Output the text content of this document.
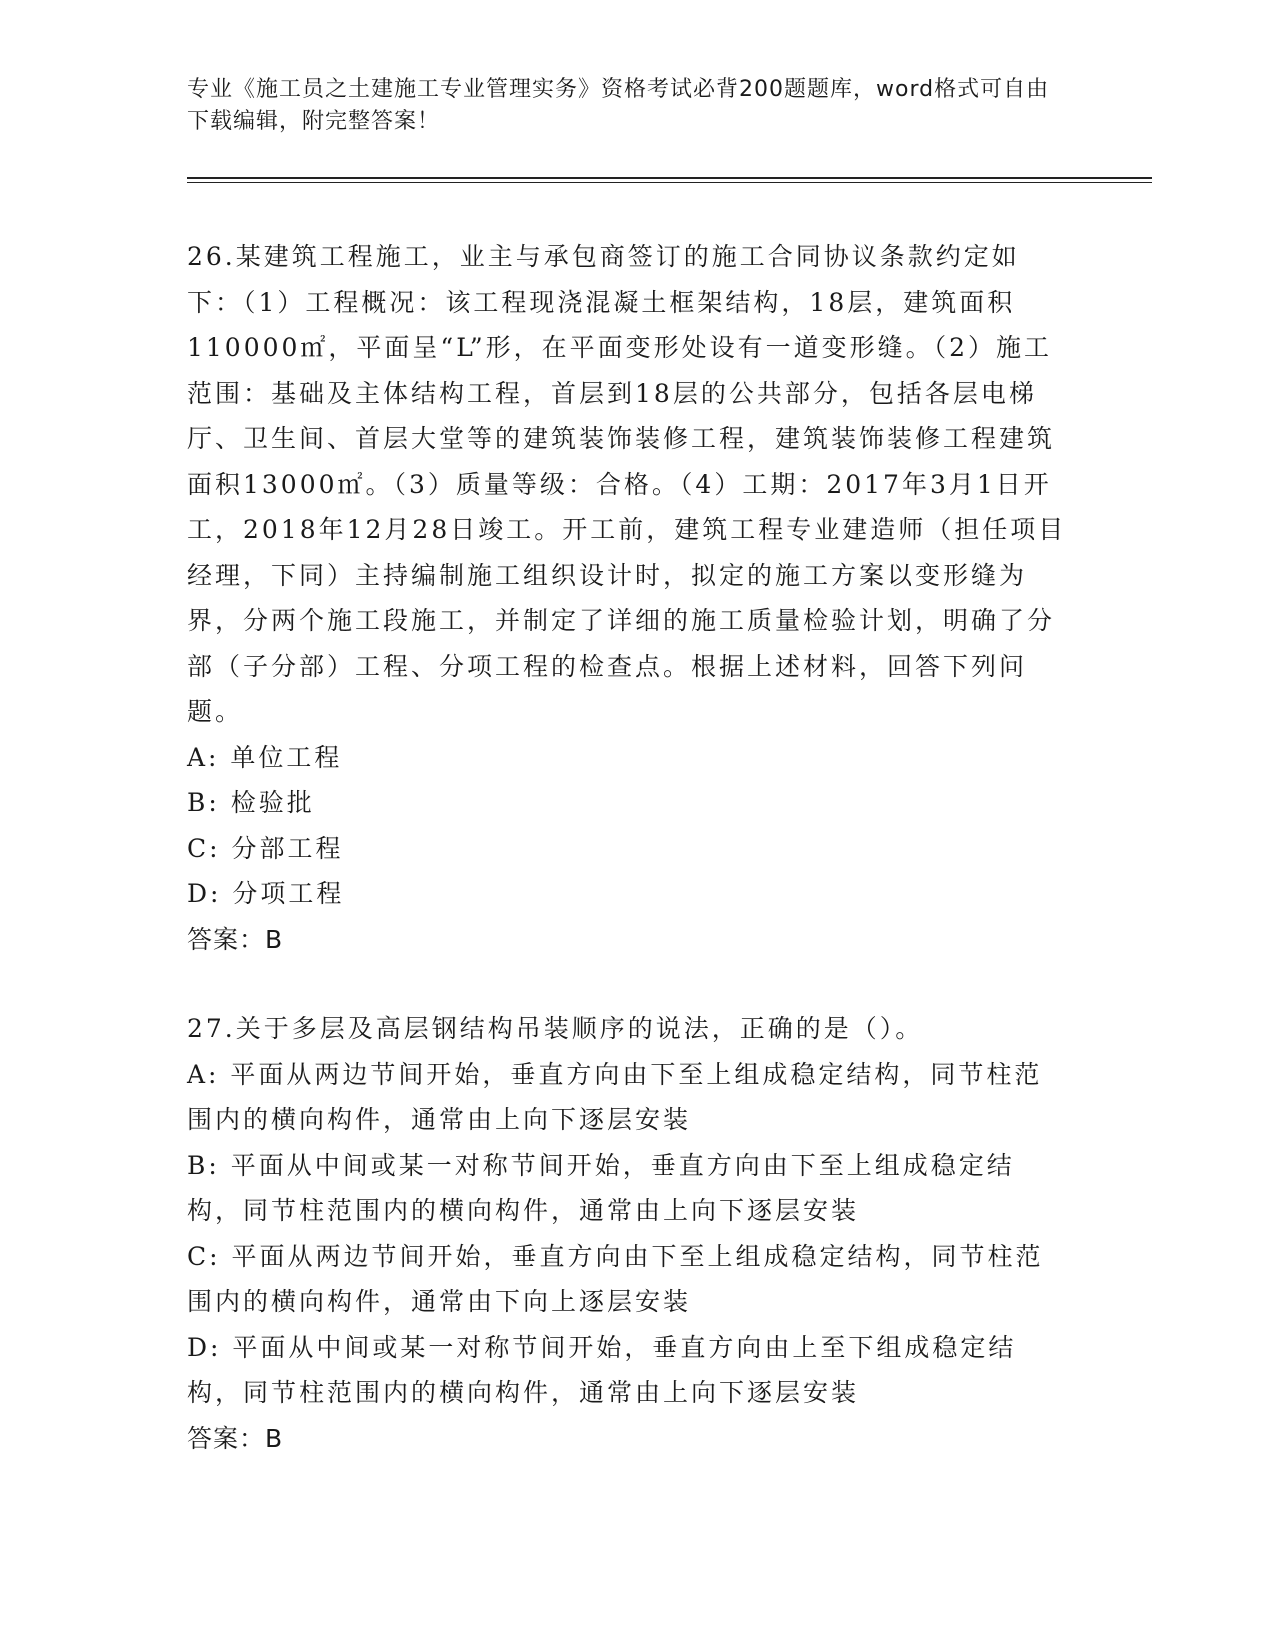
专业《施工员之土建施工专业管理实务》资格考试必背200题题库，word格式可自由下载编辑，附完整答案！

26.某建筑工程施工，业主与承包商签订的施工合同协议条款约定如下：（1）工程概况：该工程现浇混凝土框架结构，18层，建筑面积110000㎡，平面呈“L”形，在平面变形处设有一道变形缝。（2）施工范围：基础及主体结构工程，首层到18层的公共部分，包括各层电梯厅、卫生间、首层大堂等的建筑装饰装修工程，建筑装饰装修工程建筑面积13000㎡。（3）质量等级：合格。（4）工期：2017年3月1日开工，2018年12月28日竣工。开工前，建筑工程专业建造师（担任项目经理，下同）主持编制施工组织设计时，拟定的施工方案以变形缝为界，分两个施工段施工，并制定了详细的施工质量检验计划，明确了分部（子分部）工程、分项工程的检查点。根据上述材料，回答下列问题。

A: 单位工程

B: 检验批

C: 分部工程

D: 分项工程

答案：B

27.关于多层及高层钢结构吊装顺序的说法，正确的是（）。

A: 平面从两边节间开始，垂直方向由下至上组成稳定结构，同节柱范围内的横向构件，通常由上向下逐层安装

B: 平面从中间或某一对称节间开始，垂直方向由下至上组成稳定结构，同节柱范围内的横向构件，通常由上向下逐层安装

C: 平面从两边节间开始，垂直方向由下至上组成稳定结构，同节柱范围内的横向构件，通常由下向上逐层安装

D: 平面从中间或某一对称节间开始，垂直方向由上至下组成稳定结构，同节柱范围内的横向构件，通常由上向下逐层安装

答案：B
